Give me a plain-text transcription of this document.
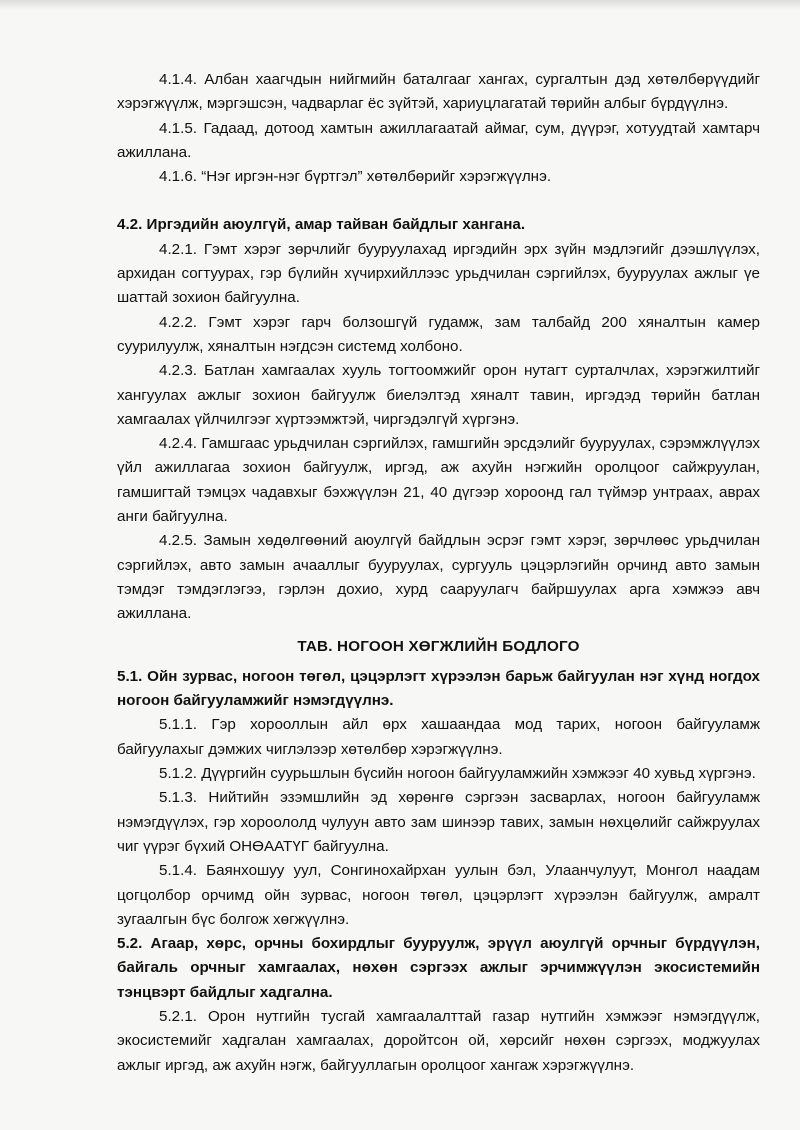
4.1.4. Албан хаагчдын нийгмийн баталгааг хангах, сургалтын дэд хөтөлбөрүүдийг хэрэгжүүлж, мэргэшсэн, чадварлаг ёс зүйтэй, хариуцлагатай төрийн албыг бүрдүүлнэ.

4.1.5. Гадаад, дотоод хамтын ажиллагаатай аймаг, сум, дүүрэг, хотуудтай хамтарч ажиллана.

4.1.6. “Нэг иргэн-нэг бүртгэл” хөтөлбөрийг хэрэгжүүлнэ.

4.2. Иргэдийн аюулгүй, амар тайван байдлыг хангана.

4.2.1. Гэмт хэрэг зөрчлийг бууруулахад иргэдийн эрх зүйн мэдлэгийг дээшлүүлэх, архидан согтуурах, гэр бүлийн хүчирхийллээс урьдчилан сэргийлэх, бууруулах ажлыг үе шаттай зохион байгуулна.

4.2.2. Гэмт хэрэг гарч болзошгүй гудамж, зам талбайд 200 хяналтын камер суурилуулж, хяналтын нэгдсэн системд холбоно.

4.2.3. Батлан хамгаалах хууль тогтоомжийг орон нутагт сурталчлах, хэрэгжилтийг хангуулах ажлыг зохион байгуулж биелэлтэд хяналт тавин, иргэдэд төрийн батлан хамгаалах үйлчилгээг хүртээмжтэй, чиргэдэлгүй хүргэнэ.

4.2.4. Гамшгаас урьдчилан сэргийлэх, гамшгийн эрсдэлийг бууруулах, сэрэмжлүүлэх үйл ажиллагаа зохион байгуулж, иргэд, аж ахуйн нэгжийн оролцоог сайжруулан, гамшигтай тэмцэх чадавхыг бэхжүүлэн 21, 40 дүгээр хороонд гал түймэр унтраах, аврах анги байгуулна.

4.2.5. Замын хөдөлгөөний аюулгүй байдлын эсрэг гэмт хэрэг, зөрчлөөс урьдчилан сэргийлэх, авто замын ачааллыг бууруулах, сургууль цэцэрлэгийн орчинд авто замын тэмдэг тэмдэглэгээ, гэрлэн дохио, хурд сааруулагч байршуулах арга хэмжээ авч ажиллана.

ТАВ. НОГООН ХӨГЖЛИЙН БОДЛОГО

5.1. Ойн зурвас, ногоон төгөл, цэцэрлэгт хүрээлэн барьж байгуулан нэг хүнд ногдох ногоон байгууламжийг нэмэгдүүлнэ.

5.1.1. Гэр хорооллын айл өрх хашаандаа мод тарих, ногоон байгууламж байгуулахыг дэмжих чиглэлээр хөтөлбөр хэрэгжүүлнэ.

5.1.2. Дүүргийн суурьшлын бүсийн ногоон байгууламжийн хэмжээг 40 хувьд хүргэнэ.

5.1.3. Нийтийн эзэмшлийн эд хөрөнгө сэргээн засварлах, ногоон байгууламж нэмэгдүүлэх, гэр хороололд чулуун авто зам шинээр тавих, замын нөхцөлийг сайжруулах чиг үүрэг бүхий ОНӨААТҮГ байгуулна.

5.1.4. Баянхошуу уул, Сонгинохайрхан уулын бэл, Улаанчулуут, Монгол наадам цогцолбор орчимд ойн зурвас, ногоон төгөл, цэцэрлэгт хүрээлэн байгуулж, амралт зугаалгын бүс болгож хөгжүүлнэ.

5.2. Агаар, хөрс, орчны бохирдлыг бууруулж, эрүүл аюулгүй орчныг бүрдүүлэн, байгаль орчныг хамгаалах, нөхөн сэргээх ажлыг эрчимжүүлэн экосистемийн тэнцвэрт байдлыг хадгална.

5.2.1. Орон нутгийн тусгай хамгаалалттай газар нутгийн хэмжээг нэмэгдүүлж, экосистемийг хадгалан хамгаалах, доройтсон ой, хөрсийг нөхөн сэргээх, моджуулах ажлыг иргэд, аж ахуйн нэгж, байгууллагын оролцоог хангаж хэрэгжүүлнэ.
